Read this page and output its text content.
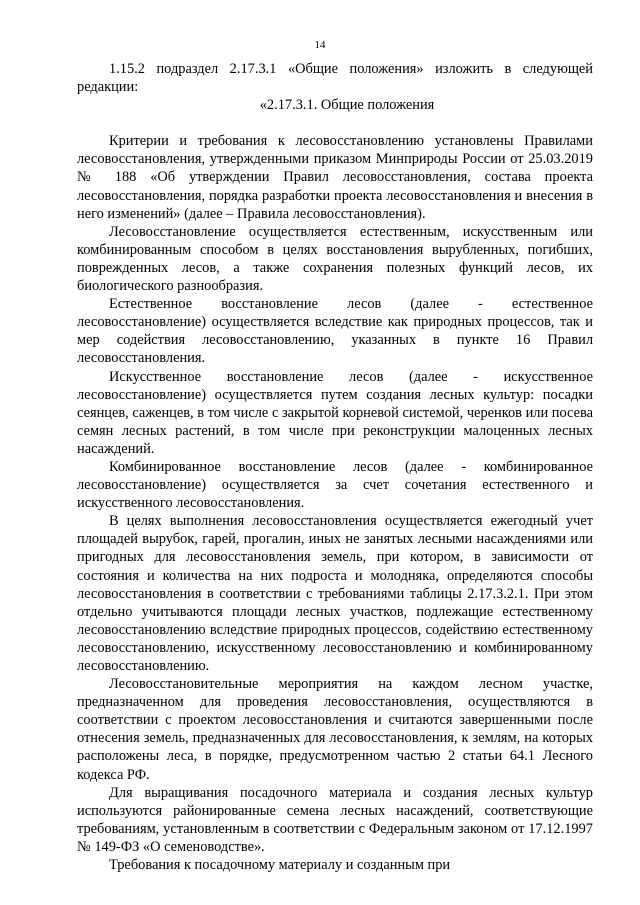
14

1.15.2 подраздел 2.17.3.1 «Общие положения» изложить в следующей редакции:

«2.17.3.1. Общие положения

Критерии и требования к лесовосстановлению установлены Правилами лесовосстановления, утвержденными приказом Минприроды России от 25.03.2019 № 188 «Об утверждении Правил лесовосстановления, состава проекта лесовосстановления, порядка разработки проекта лесовосстановления и внесения в него изменений» (далее – Правила лесовосстановления).

Лесовосстановление осуществляется естественным, искусственным или комбинированным способом в целях восстановления вырубленных, погибших, поврежденных лесов, а также сохранения полезных функций лесов, их биологического разнообразия.

Естественное восстановление лесов (далее - естественное лесовосстановление) осуществляется вследствие как природных процессов, так и мер содействия лесовосстановлению, указанных в пункте 16 Правил лесовосстановления.

Искусственное восстановление лесов (далее - искусственное лесовосстановление) осуществляется путем создания лесных культур: посадки сеянцев, саженцев, в том числе с закрытой корневой системой, черенков или посева семян лесных растений, в том числе при реконструкции малоценных лесных насаждений.

Комбинированное восстановление лесов (далее - комбинированное лесовосстановление) осуществляется за счет сочетания естественного и искусственного лесовосстановления.

В целях выполнения лесовосстановления осуществляется ежегодный учет площадей вырубок, гарей, прогалин, иных не занятых лесными насаждениями или пригодных для лесовосстановления земель, при котором, в зависимости от состояния и количества на них подроста и молодняка, определяются способы лесовосстановления в соответствии с требованиями таблицы 2.17.3.2.1. При этом отдельно учитываются площади лесных участков, подлежащие естественному лесовосстановлению вследствие природных процессов, содействию естественному лесовосстановлению, искусственному лесовосстановлению и комбинированному лесовосстановлению.

Лесовосстановительные мероприятия на каждом лесном участке, предназначенном для проведения лесовосстановления, осуществляются в соответствии с проектом лесовосстановления и считаются завершенными после отнесения земель, предназначенных для лесовосстановления, к землям, на которых расположены леса, в порядке, предусмотренном частью 2 статьи 64.1 Лесного кодекса РФ.

Для выращивания посадочного материала и создания лесных культур используются районированные семена лесных насаждений, соответствующие требованиям, установленным в соответствии с Федеральным законом от 17.12.1997 № 149-ФЗ «О семеноводстве».

Требования к посадочному материалу и созданным при
